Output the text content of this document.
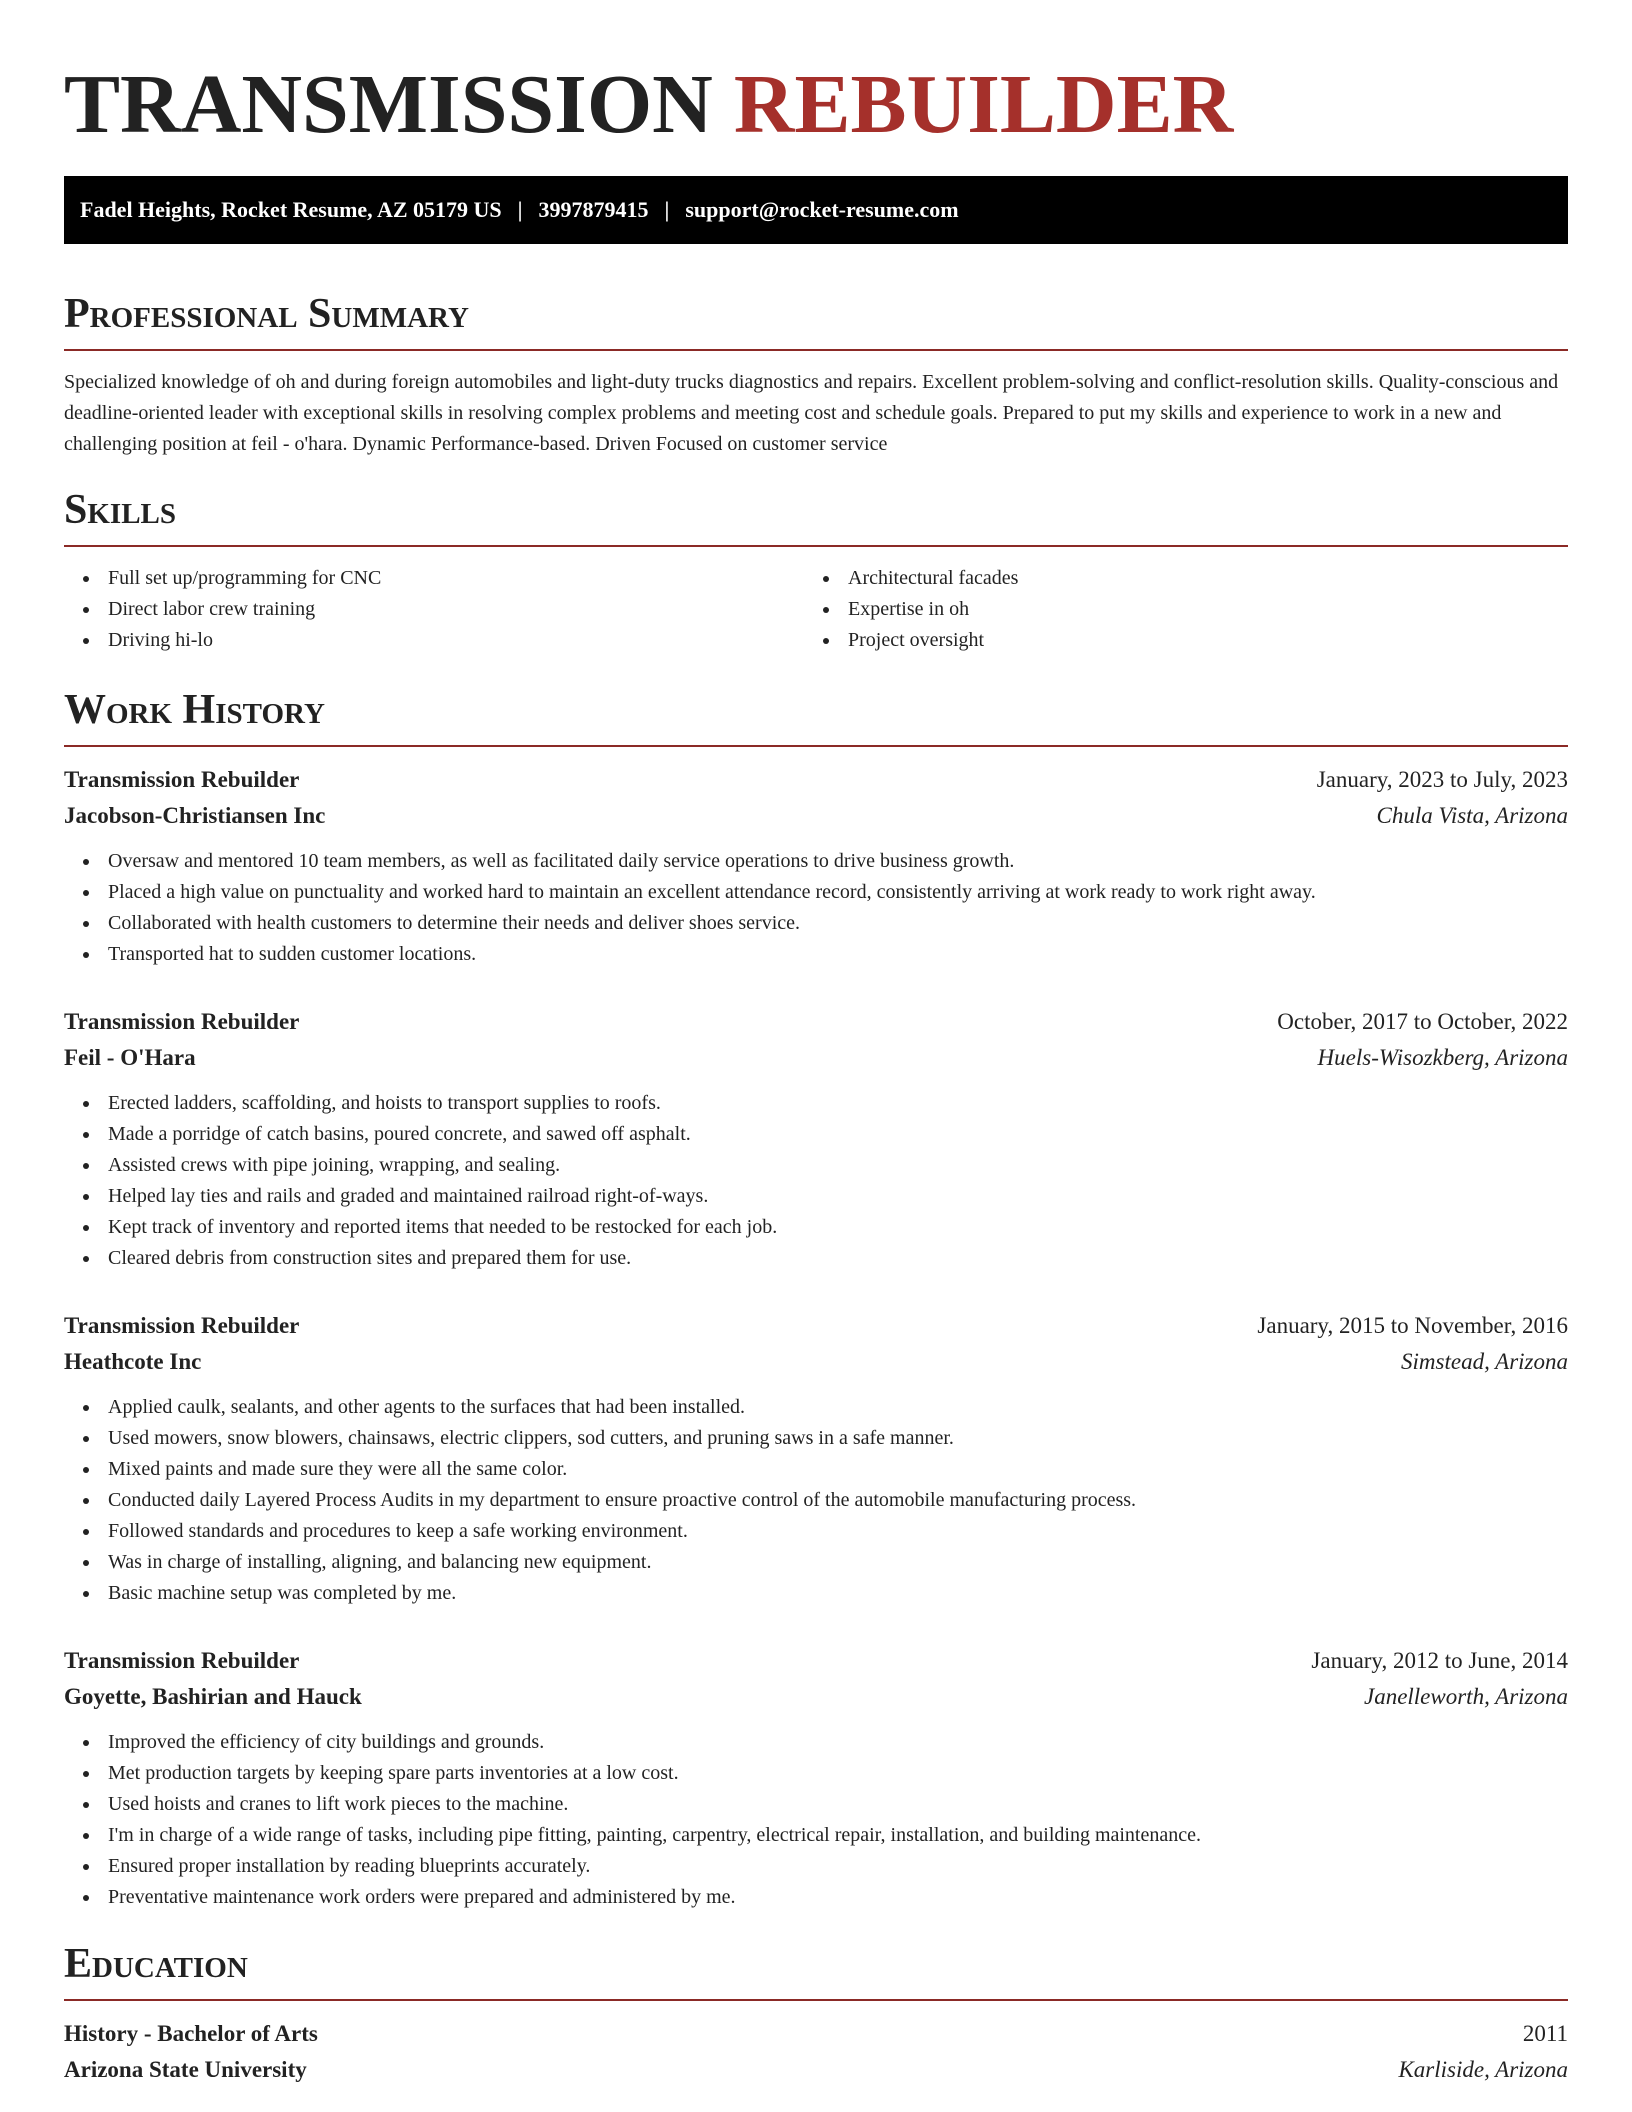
TRANSMISSION REBUILDER
Fadel Heights, Rocket Resume, AZ 05179 US | 3997879415 | support@rocket-resume.com
Professional Summary

Specialized knowledge of oh and during foreign automobiles and light-duty trucks diagnostics and repairs. Excellent problem-solving and conflict-resolution skills. Quality-conscious and deadline-oriented leader with exceptional skills in resolving complex problems and meeting cost and schedule goals. Prepared to put my skills and experience to work in a new and challenging position at feil - o'hara. Dynamic Performance-based. Driven Focused on customer service

Skills
Full set up/programming for CNC
Direct labor crew training
Driving hi-lo
Architectural facades
Expertise in oh
Project oversight
Work History
Transmission Rebuilder	January, 2023 to July, 2023
Jacobson-Christiansen Inc	Chula Vista, Arizona
Oversaw and mentored 10 team members, as well as facilitated daily service operations to drive business growth.
Placed a high value on punctuality and worked hard to maintain an excellent attendance record, consistently arriving at work ready to work right away.
Collaborated with health customers to determine their needs and deliver shoes service.
Transported hat to sudden customer locations.
Transmission Rebuilder	October, 2017 to October, 2022
Feil - O'Hara	Huels-Wisozkberg, Arizona
Erected ladders, scaffolding, and hoists to transport supplies to roofs.
Made a porridge of catch basins, poured concrete, and sawed off asphalt.
Assisted crews with pipe joining, wrapping, and sealing.
Helped lay ties and rails and graded and maintained railroad right-of-ways.
Kept track of inventory and reported items that needed to be restocked for each job.
Cleared debris from construction sites and prepared them for use.
Transmission Rebuilder	January, 2015 to November, 2016
Heathcote Inc	Simstead, Arizona
Applied caulk, sealants, and other agents to the surfaces that had been installed.
Used mowers, snow blowers, chainsaws, electric clippers, sod cutters, and pruning saws in a safe manner.
Mixed paints and made sure they were all the same color.
Conducted daily Layered Process Audits in my department to ensure proactive control of the automobile manufacturing process.
Followed standards and procedures to keep a safe working environment.
Was in charge of installing, aligning, and balancing new equipment.
Basic machine setup was completed by me.
Transmission Rebuilder	January, 2012 to June, 2014
Goyette, Bashirian and Hauck	Janelleworth, Arizona
Improved the efficiency of city buildings and grounds.
Met production targets by keeping spare parts inventories at a low cost.
Used hoists and cranes to lift work pieces to the machine.
I'm in charge of a wide range of tasks, including pipe fitting, painting, carpentry, electrical repair, installation, and building maintenance.
Ensured proper installation by reading blueprints accurately.
Preventative maintenance work orders were prepared and administered by me.
Education
History - Bachelor of Arts	2011
Arizona State University	Karliside, Arizona
